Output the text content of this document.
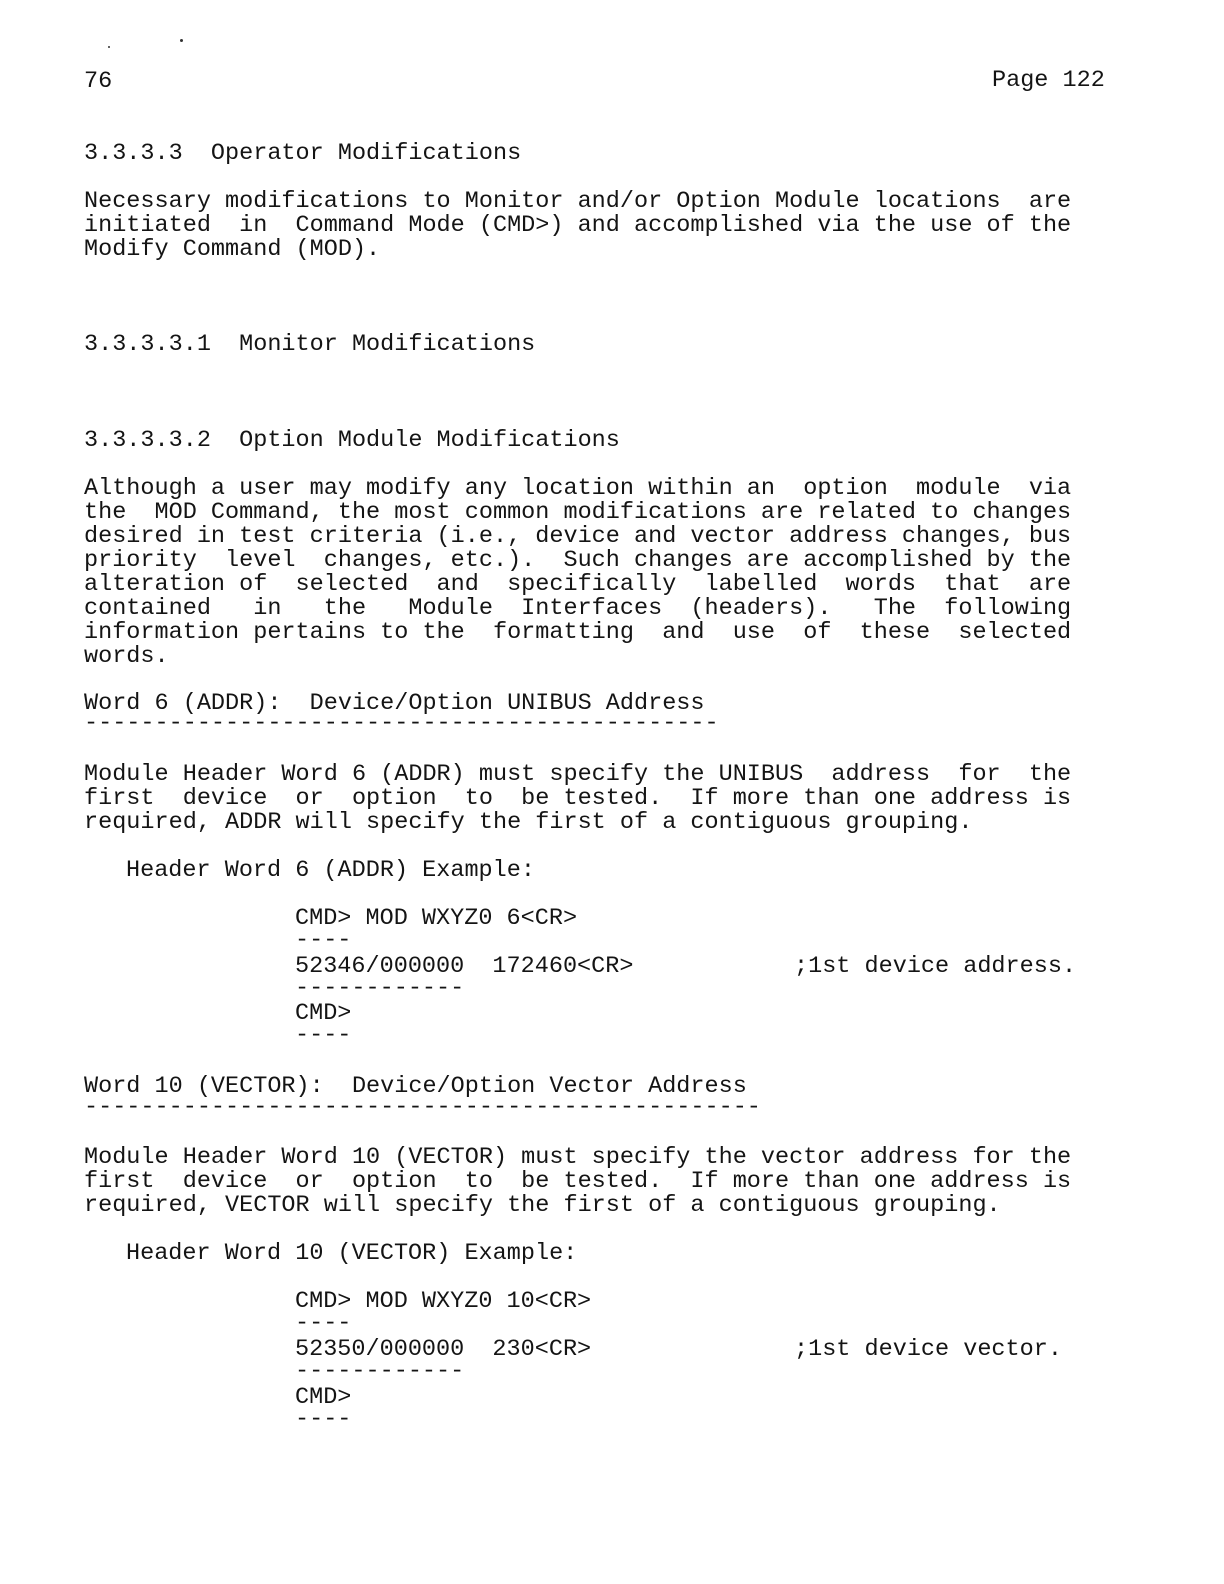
76	Page 122
3.3.3.3  Operator Modifications
Necessary modifications to Monitor and/or Option Module locations  are
initiated  in  Command Mode (CMD>) and accomplished via the use of the
Modify Command (MOD).
3.3.3.3.1  Monitor Modifications
3.3.3.3.2  Option Module Modifications
Although a user may modify any location within an  option  module  via
the  MOD Command, the most common modifications are related to changes
desired in test criteria (i.e., device and vector address changes, bus
priority  level  changes, etc.).  Such changes are accomplished by the
alteration of  selected  and  specifically  labelled  words  that  are
contained   in   the   Module  Interfaces  (headers).   The  following
information pertains to the  formatting  and  use  of  these  selected
words.
Word 6 (ADDR):  Device/Option UNIBUS Address
---------------------------------------------
Module Header Word 6 (ADDR) must specify the UNIBUS  address  for  the
first  device  or  option  to  be tested.  If more than one address is
required, ADDR will specify the first of a contiguous grouping.
Header Word 6 (ADDR) Example:
CMD> MOD WXYZ0 6<CR>
----
52346/000000  172460<CR>	;1st device address.
------------
CMD>
----
Word 10 (VECTOR):  Device/Option Vector Address
------------------------------------------------
Module Header Word 10 (VECTOR) must specify the vector address for the
first  device  or  option  to  be tested.  If more than one address is
required, VECTOR will specify the first of a contiguous grouping.
Header Word 10 (VECTOR) Example:
CMD> MOD WXYZ0 10<CR>
----
52350/000000  230<CR>	;1st device vector.
------------
CMD>
----
